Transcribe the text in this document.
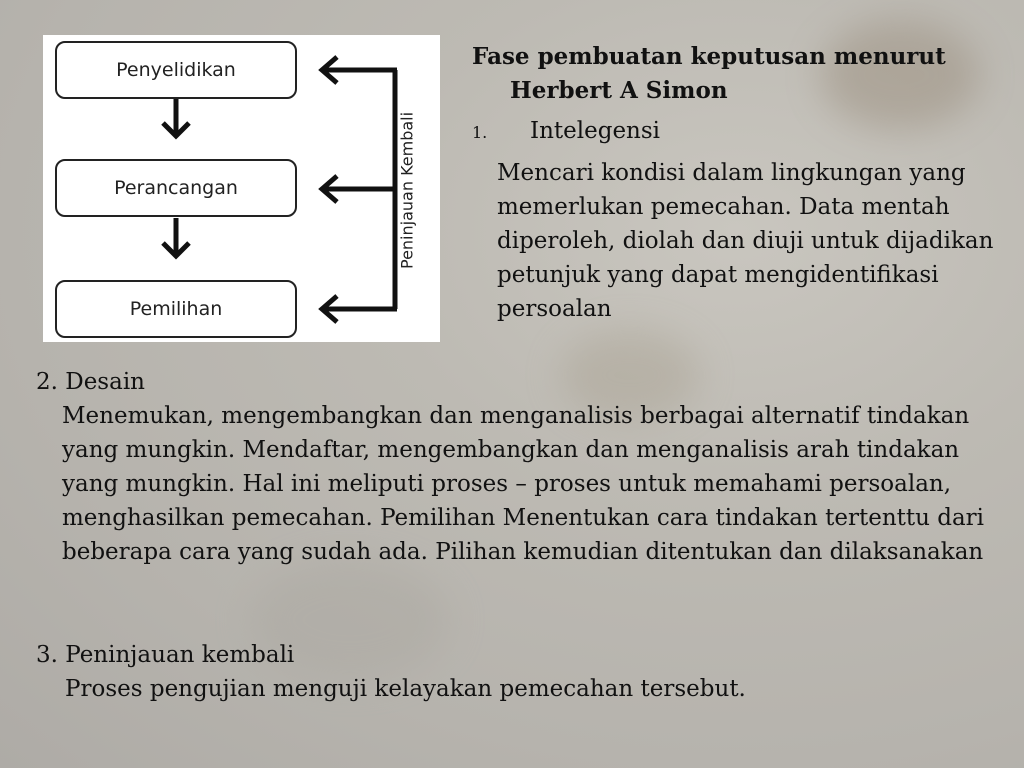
Penyelidikan
Perancangan
Pemilihan
Peninjauan Kembali

Fase pembuatan keputusan menurut
Herbert A Simon

1. Intelegensi

Mencari kondisi dalam lingkungan yang memerlukan pemecahan. Data mentah diperoleh, diolah dan diuji untuk dijadikan petunjuk yang dapat mengidentifikasi persoalan

2. Desain

Menemukan, mengembangkan dan menganalisis berbagai alternatif tindakan yang mungkin. Mendaftar, mengembangkan dan menganalisis arah tindakan yang mungkin. Hal ini meliputi proses – proses untuk memahami persoalan, menghasilkan pemecahan. Pemilihan Menentukan cara tindakan tertenttu dari beberapa cara yang sudah ada. Pilihan kemudian ditentukan dan dilaksanakan

3. Peninjauan kembali

Proses pengujian menguji kelayakan pemecahan tersebut.
